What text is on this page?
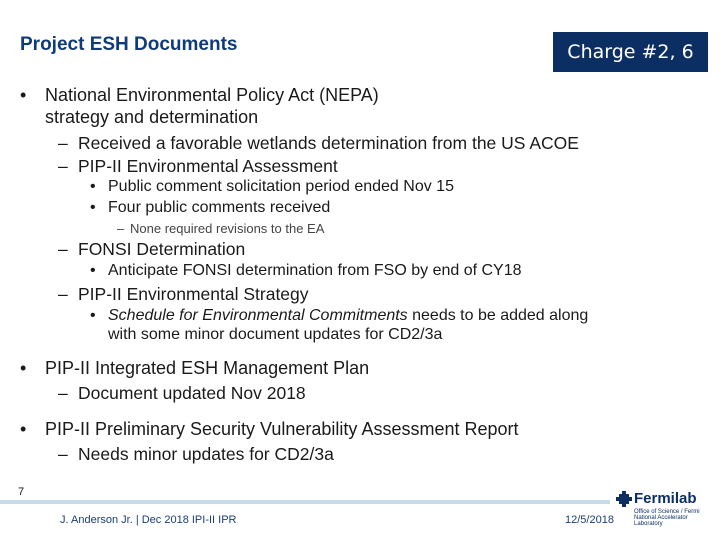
Project ESH Documents	Charge #2, 6
• National Environmental Policy Act (NEPA)
strategy and determination
– Received a favorable wetlands determination from the US ACOE
– PIP-II Environmental Assessment
• Public comment solicitation period ended Nov 15
• Four public comments received
– None required revisions to the EA
– FONSI Determination
• Anticipate FONSI determination from FSO by end of CY18
– PIP-II Environmental Strategy
• Schedule for Environmental Commitments needs to be added along
with some minor document updates for CD2/3a
• PIP-II Integrated ESH Management Plan
– Document updated Nov 2018
• PIP-II Preliminary Security Vulnerability Assessment Report
– Needs minor updates for CD2/3a
7
J. Anderson Jr. | Dec 2018 IPI-II IPR	12/5/2018
Fermilab
Office of Science / Fermi National Accelerator Laboratory
